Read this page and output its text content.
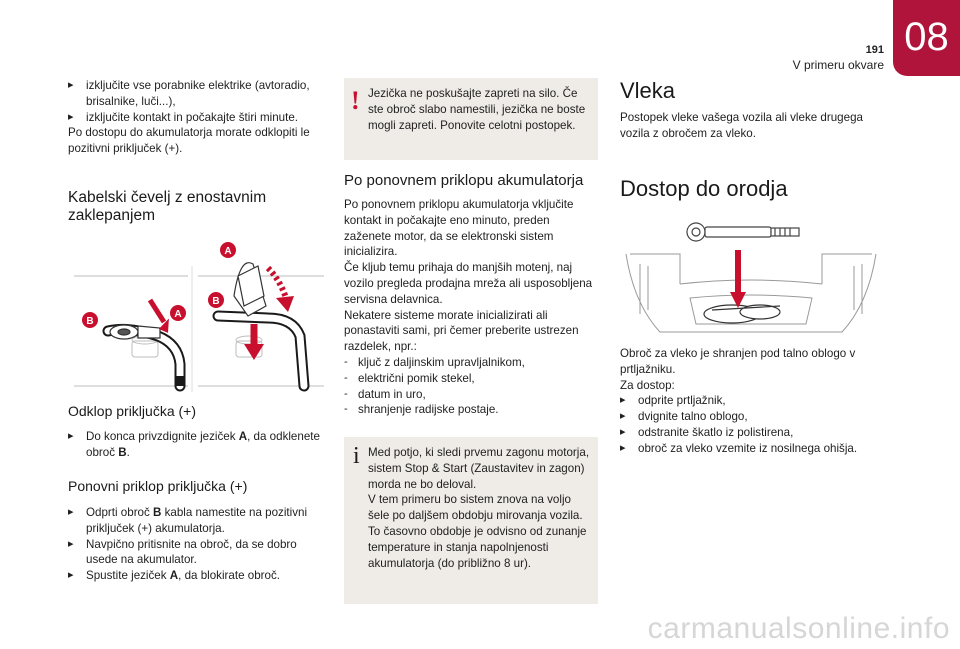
191
V primeru okvare
08
▸	izključite vse porabnike elektrike (avtoradio, brisalnike, luči...),
▸	izključite kontakt in počakajte štiri minute.

Po dostopu do akumulatorja morate odklopiti le pozitivni priključek (+).

Kabelski čevelj z enostavnim zaklepanjem
B
A
B
A
Odklop priključka (+)
▸	Do konca privzdignite jeziček A, da odklenete obroč B.
Ponovni priklop priključka (+)
▸	Odprti obroč B kabla namestite na pozitivni priključek (+) akumulatorja.
▸	Navpično pritisnite na obroč, da se dobro usede na akumulator.
▸	Spustite jeziček A, da blokirate obroč.
! Jezička ne poskušajte zapreti na silo. Če ste obroč slabo namestili, jezička ne boste mogli zapreti. Ponovite celotni postopek.

Po ponovnem priklopu akumulatorja

Po ponovnem priklopu akumulatorja vključite kontakt in počakajte eno minuto, preden zaženete motor, da se elektronski sistem inicializira.

Če kljub temu prihaja do manjših motenj, naj vozilo pregleda prodajna mreža ali usposobljena servisna delavnica.

Nekatere sisteme morate inicializirati ali ponastaviti sami, pri čemer preberite ustrezen razdelek, npr.:

- ključ z daljinskim upravljalnikom,
- električni pomik stekel,
- datum in uro,
- shranjenje radijske postaje.
i Med potjo, ki sledi prvemu zagonu motorja, sistem Stop & Start (Zaustavitev in zagon) morda ne bo deloval.

V tem primeru bo sistem znova na voljo šele po daljšem obdobju mirovanja vozila. To časovno obdobje je odvisno od zunanje temperature in stanja napolnjenosti akumulatorja (do približno 8 ur).

Vleka

Postopek vleke vašega vozila ali vleke drugega vozila z obročem za vleko.

Dostop do orodja

Obroč za vleko je shranjen pod talno oblogo v prtljažniku.

Za dostop:

▸	odprite prtljažnik,
▸	dvignite talno oblogo,
▸	odstranite škatlo iz polistirena,
▸	obroč za vleko vzemite iz nosilnega ohišja.
carmanualsonline.info
